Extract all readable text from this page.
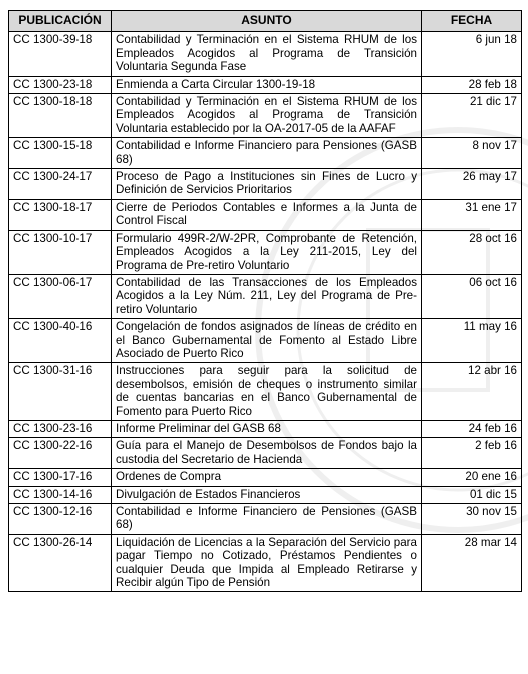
PUBLICACIÓN	ASUNTO	FECHA
CC 1300-39-18	Contabilidad y Terminación en el Sistema RHUM de los Empleados Acogidos al Programa de Transición Voluntaria Segunda Fase	6 jun 18
CC 1300-23-18	Enmienda a Carta Circular 1300-19-18	28 feb 18
CC 1300-18-18	Contabilidad y Terminación en el Sistema RHUM de los Empleados Acogidos al Programa de Transición Voluntaria establecido por la OA-2017-05 de la AAFAF	21 dic 17
CC 1300-15-18	Contabilidad e Informe Financiero para Pensiones (GASB 68)	8 nov 17
CC 1300-24-17	Proceso de Pago a Instituciones sin Fines de Lucro y Definición de Servicios Prioritarios	26 may 17
CC 1300-18-17	Cierre de Periodos Contables e Informes a la Junta de Control Fiscal	31 ene 17
CC 1300-10-17	Formulario 499R-2/W-2PR, Comprobante de Retención, Empleados Acogidos a la Ley 211-2015, Ley del Programa de Pre-retiro Voluntario	28 oct 16
CC 1300-06-17	Contabilidad de las Transacciones de los Empleados Acogidos a la Ley Núm. 211, Ley del Programa de Pre-retiro Voluntario	06 oct 16
CC 1300-40-16	Congelación de fondos asignados de líneas de crédito en el Banco Gubernamental de Fomento al Estado Libre Asociado de Puerto Rico	11 may 16
CC 1300-31-16	Instrucciones para seguir para la solicitud de desembolsos, emisión de cheques o instrumento similar de cuentas bancarias en el Banco Gubernamental de Fomento para Puerto Rico	12 abr 16
CC 1300-23-16	Informe Preliminar del GASB 68	24 feb 16
CC 1300-22-16	Guía para el Manejo de Desembolsos de Fondos bajo la custodia del Secretario de Hacienda	2 feb 16
CC 1300-17-16	Ordenes de Compra	20 ene 16
CC 1300-14-16	Divulgación de Estados Financieros	01 dic 15
CC 1300-12-16	Contabilidad e Informe Financiero de Pensiones (GASB 68)	30 nov 15
CC 1300-26-14	Liquidación de Licencias a la Separación del Servicio para pagar Tiempo no Cotizado, Préstamos Pendientes o cualquier Deuda que Impida al Empleado Retirarse y Recibir algún Tipo de Pensión	28 mar 14
